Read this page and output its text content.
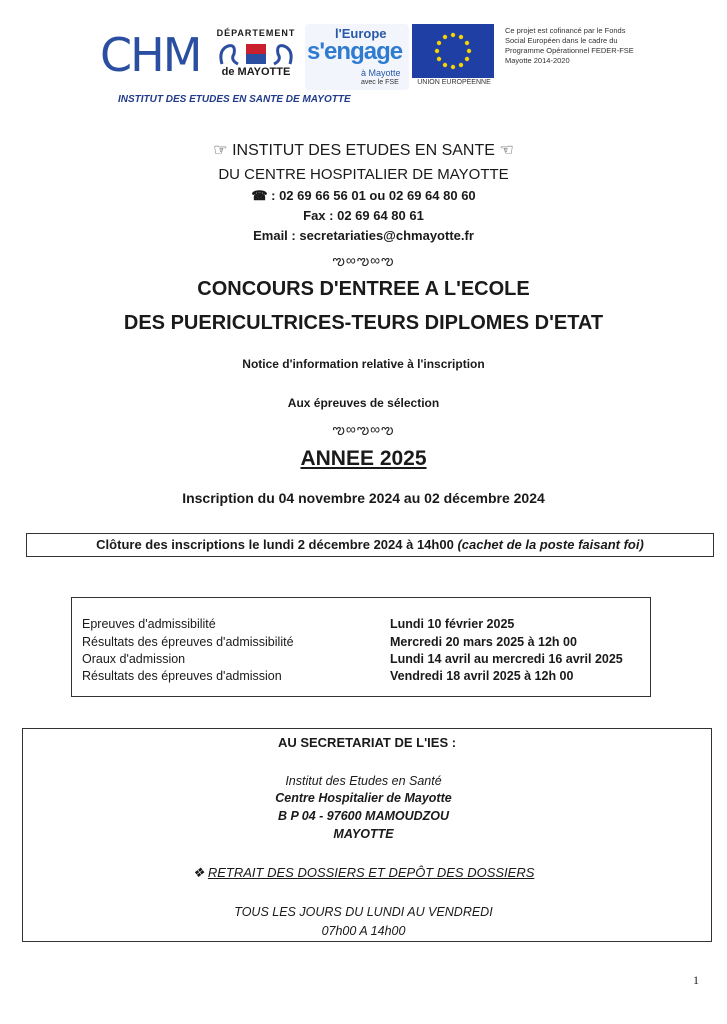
CHM
INSTITUT DES ETUDES EN SANTE DE MAYOTTE
DÉPARTEMENT
de MAYOTTE
l'Europe
s'engage
à Mayotte
avec le FSE	UNION EUROPÉENNE
Ce projet est cofinancé par le Fonds Social Européen dans le cadre du Programme Opérationnel FEDER-FSE Mayotte 2014-2020
☞ INSTITUT DES ETUDES EN SANTE ☜
DU CENTRE HOSPITALIER DE MAYOTTE
☎ : 02 69 66 56 01 ou 02 69 64 80 60
Fax : 02 69 64 80 61
Email : secretariaties@chmayotte.fr
ఌ∞ఌ∞ఌ
CONCOURS D'ENTREE A L'ECOLE
DES PUERICULTRICES-TEURS DIPLOMES D'ETAT
Notice d'information relative à l'inscription
Aux épreuves de sélection
ఌ∞ఌ∞ఌ
ANNEE 2025
Inscription du 04 novembre 2024 au 02 décembre 2024
Clôture des inscriptions le lundi 2 décembre 2024 à 14h00 (cachet de la poste faisant foi)
Epreuves d'admissibilité	Lundi 10 février 2025
Résultats des épreuves d'admissibilité	Mercredi 20 mars 2025 à 12h 00
Oraux d'admission	Lundi 14 avril au mercredi 16 avril 2025
Résultats des épreuves d'admission	Vendredi 18 avril 2025 à 12h 00
AU SECRETARIAT DE L'IES :
Institut des Etudes en Santé
Centre Hospitalier de Mayotte
B P 04 - 97600 MAMOUDZOU
MAYOTTE
❖ RETRAIT DES DOSSIERS ET DEPÔT DES DOSSIERS
TOUS LES JOURS DU LUNDI AU VENDREDI
07h00 A 14h00
1
